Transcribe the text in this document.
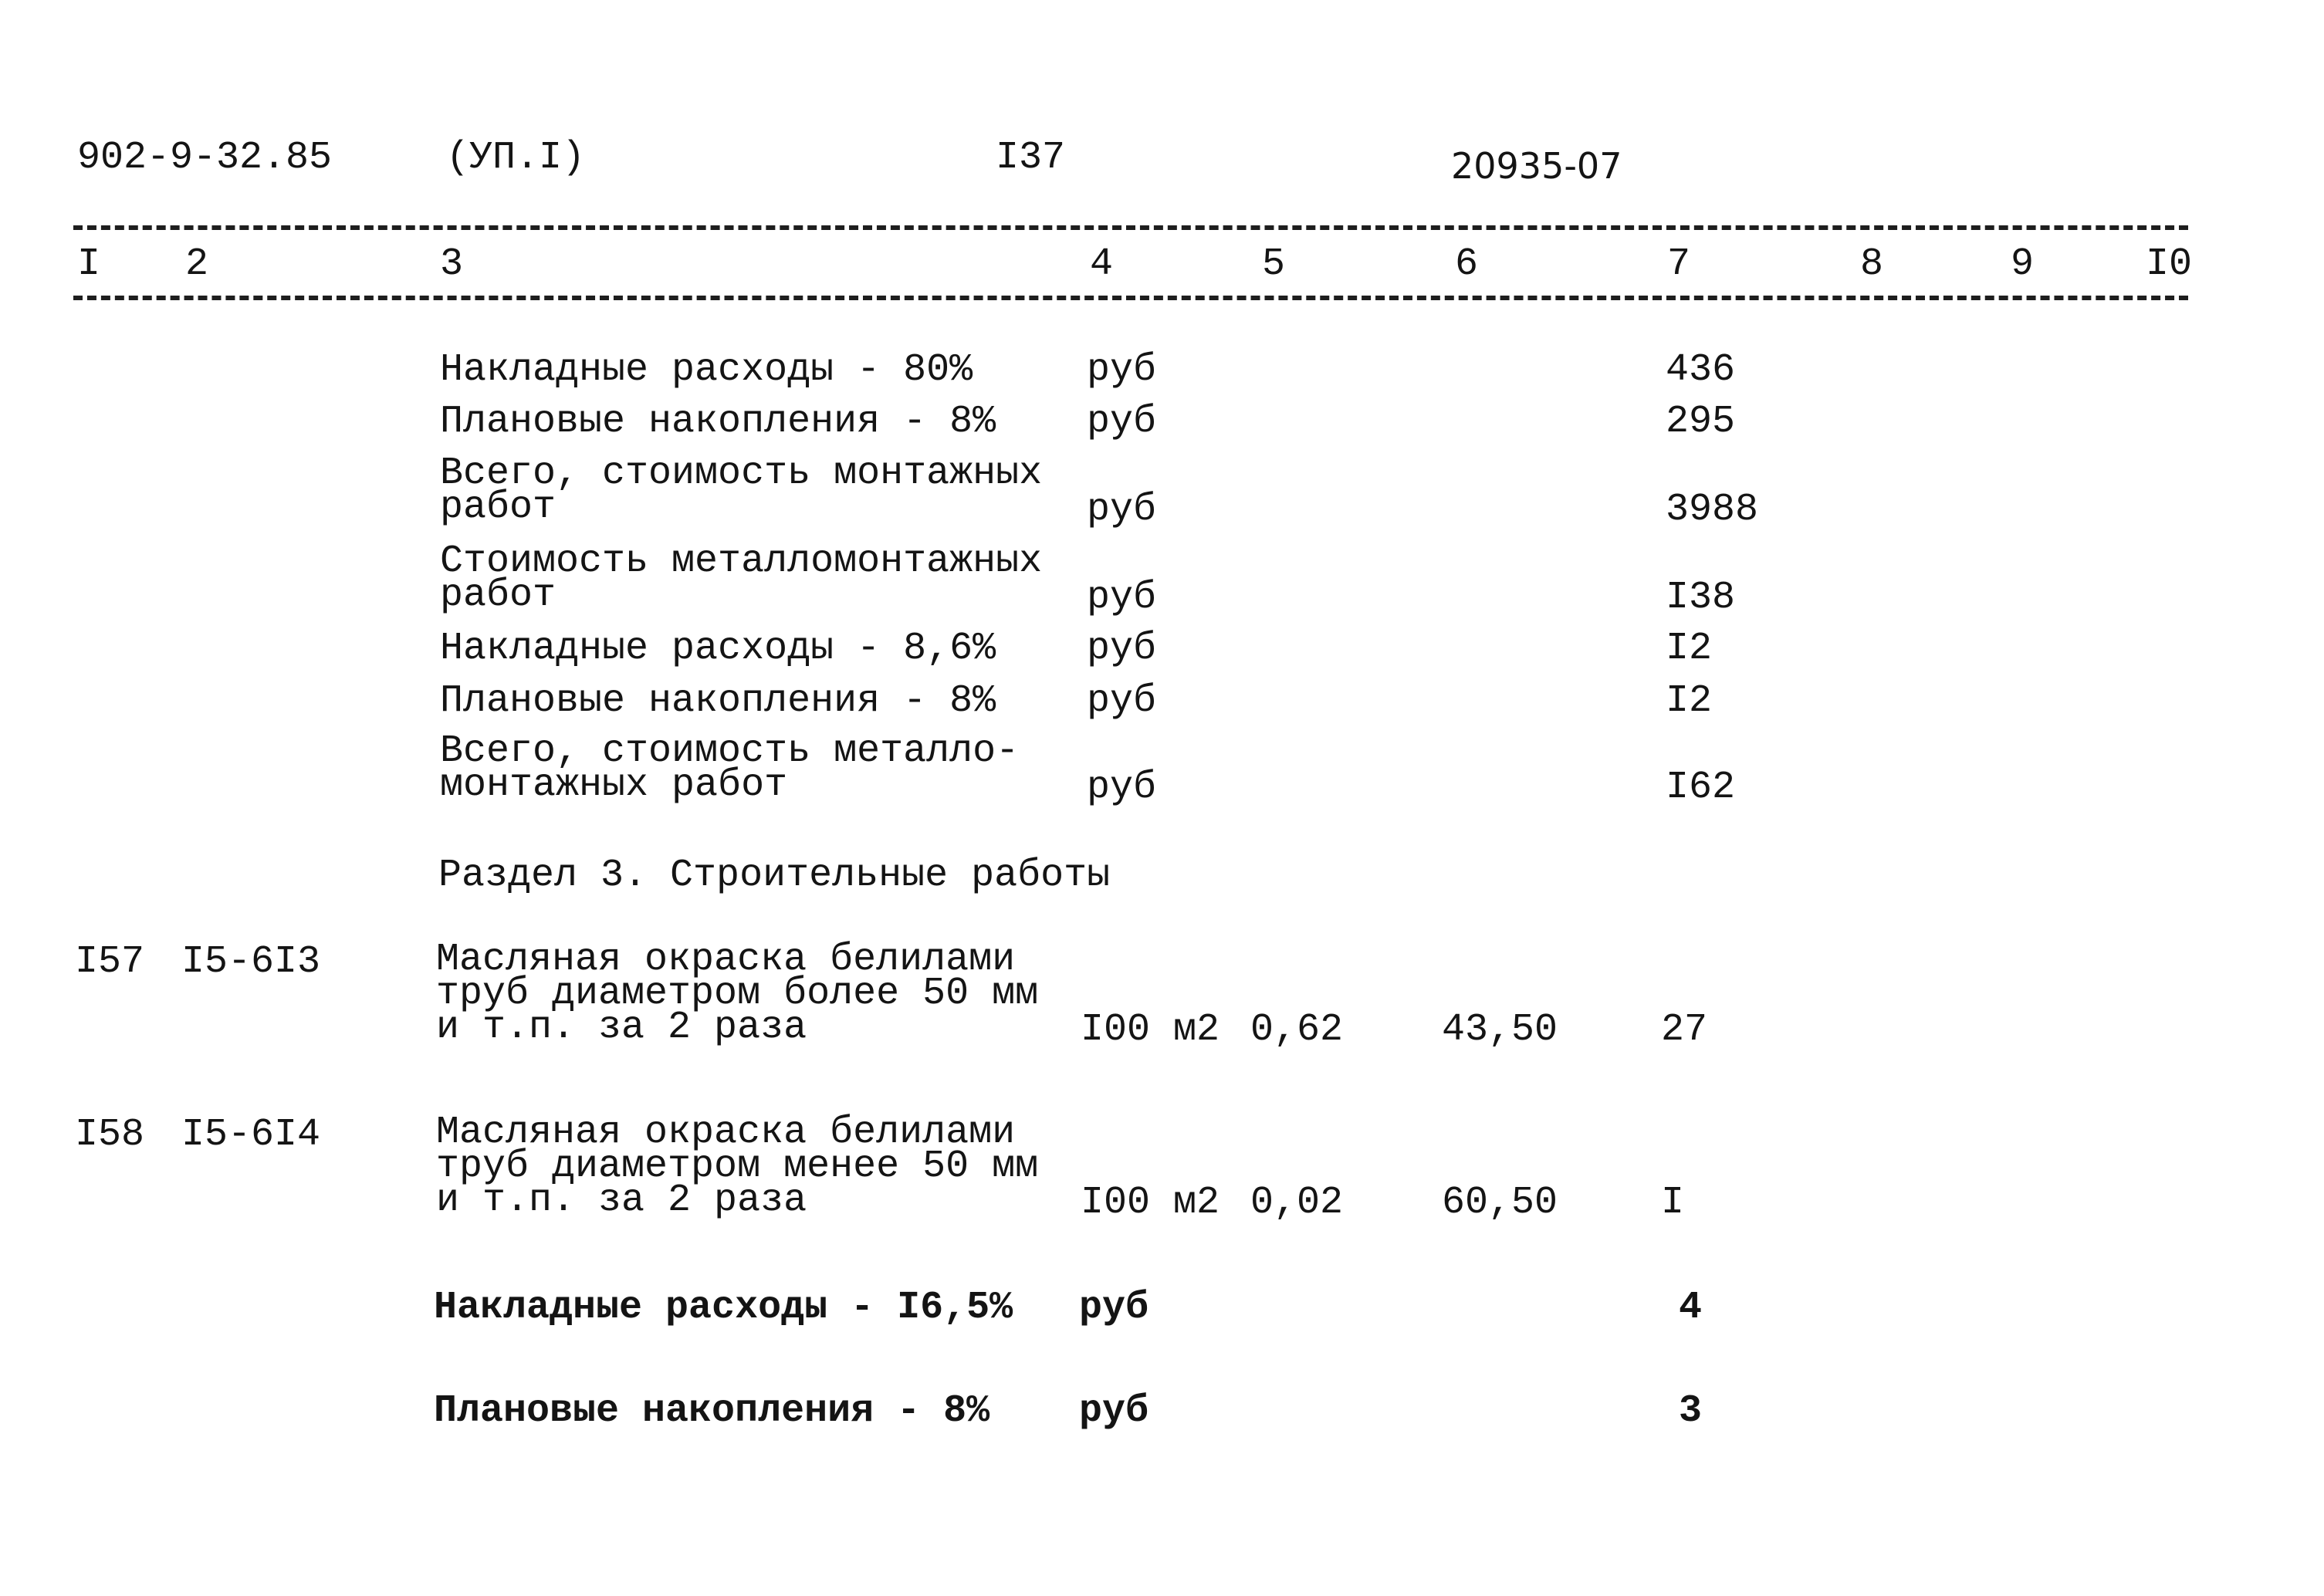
902-9-32.85	(УП.I)	I37	20935-07
I 2	3	4	5	6	7	8	9	I0
Накладные расходы - 80%	руб	436
Плановые накопления - 8% руб	295
Всего, стоимость монтажных
работ	руб	3988
Стоимость металломонтажных
работ	руб	I38
Накладные расходы - 8,6% руб	I2
Плановые накопления - 8% руб	I2
Всего, стоимость металло-
монтажных работ	руб	I62
Раздел 3. Строительные работы
I57 I5-6I3	Масляная окраска белилами
труб диаметром более 50 мм
и т.п. за 2 раза	I00 м2 0,62	43,50	27
I58 I5-6I4	Масляная окраска белилами
труб диаметром менее 50 мм
и т.п. за 2 раза	I00 м2 0,02	60,50	I
Накладные расходы - I6,5% руб	4
Плановые накопления - 8% руб	3
